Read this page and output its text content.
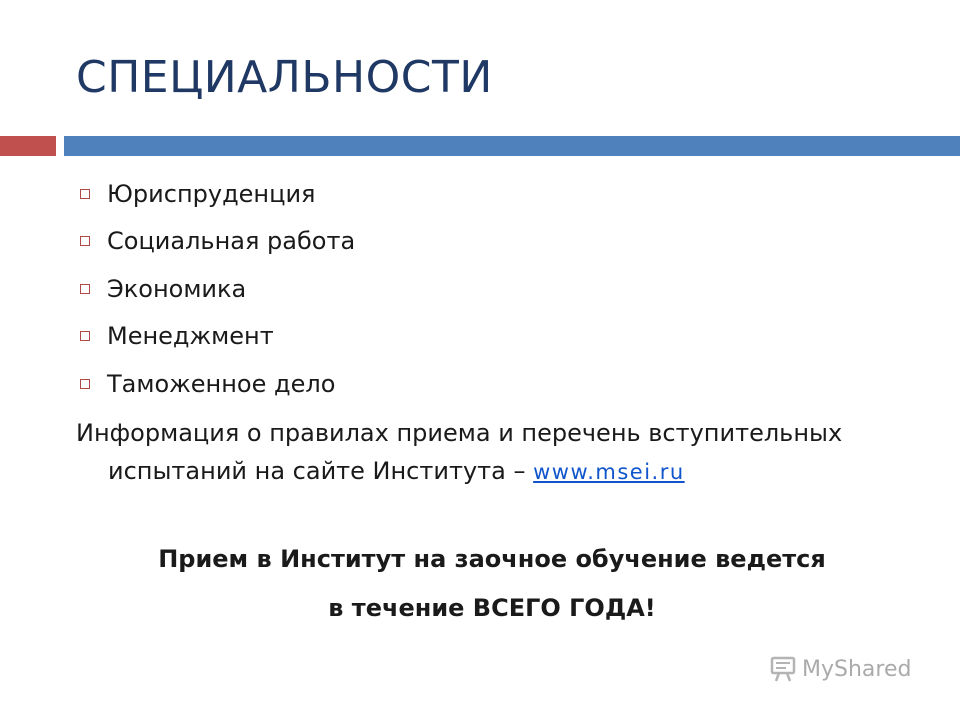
СПЕЦИАЛЬНОСТИ
Юриспруденция
Социальная работа
Экономика
Менеджмент
Таможенное дело

Информация о правилах приема и перечень вступительных испытаний на сайте Института – www.msei.ru

Прием в Институт на заочное обучение ведется

в течение ВСЕГО ГОДА!

MyShared
